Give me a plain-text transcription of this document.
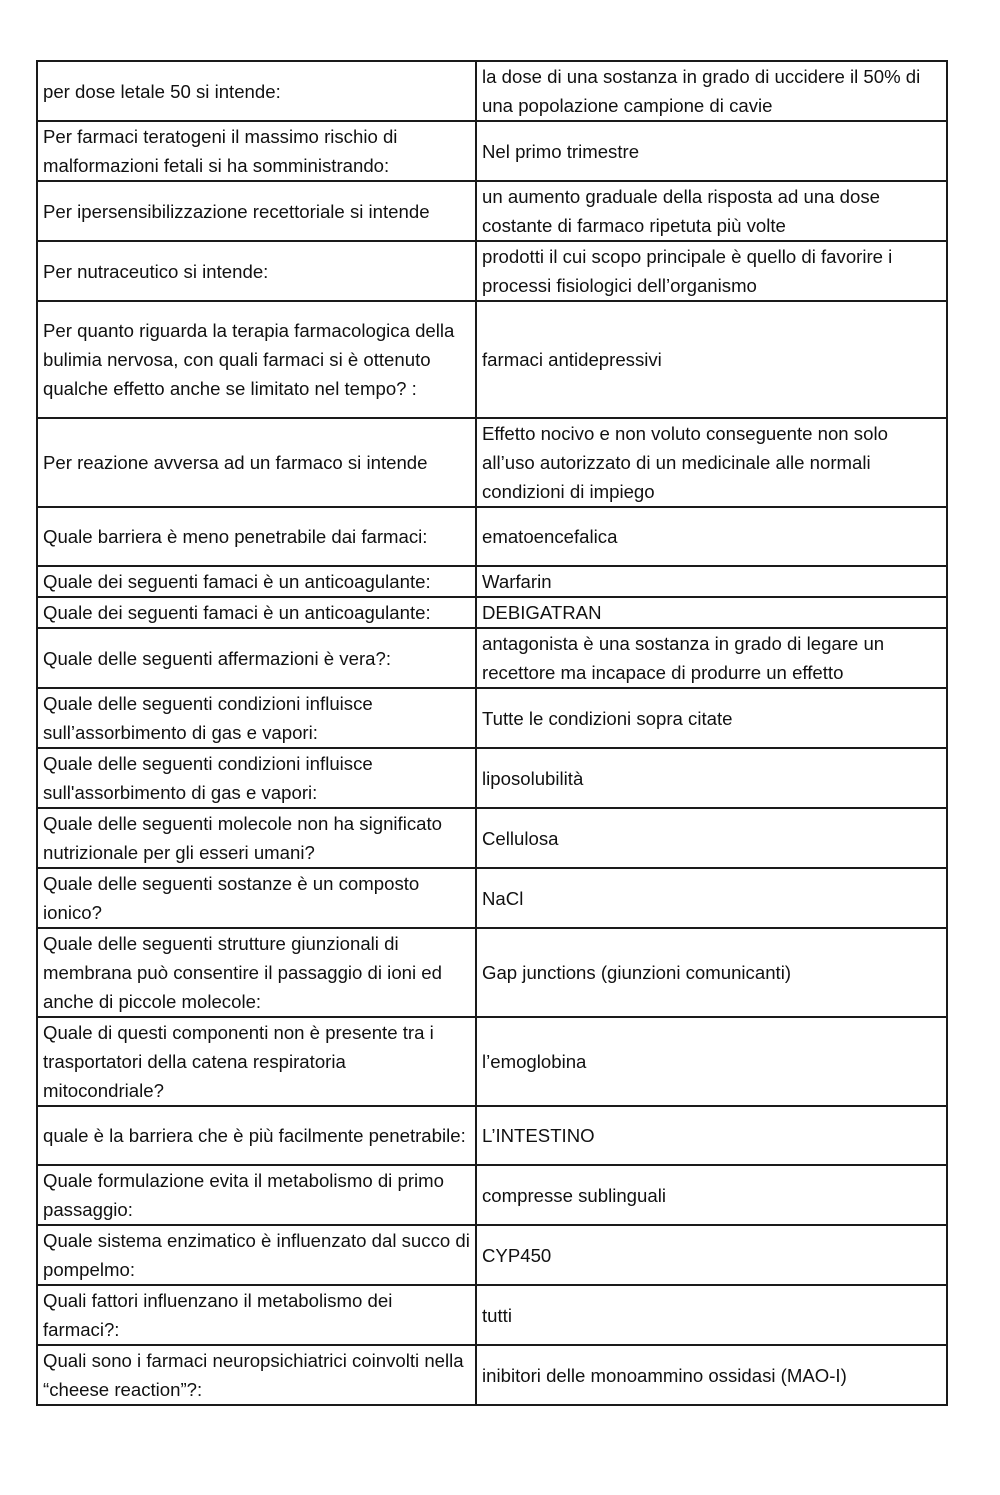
per dose letale 50 si intende:	la dose di una sostanza in grado di uccidere il 50% di una popolazione campione di cavie
Per farmaci teratogeni il massimo rischio di malformazioni fetali si ha somministrando:	Nel primo trimestre
Per ipersensibilizzazione recettoriale si intende	un aumento graduale della risposta ad una dose costante di farmaco ripetuta più volte
Per nutraceutico si intende:	prodotti il cui scopo principale è quello di favorire i processi fisiologici dell’organismo
Per quanto riguarda la terapia farmacologica della bulimia nervosa, con quali farmaci si è ottenuto qualche effetto anche se limitato nel tempo? :	farmaci antidepressivi
Per reazione avversa ad un farmaco si intende	Effetto nocivo e non voluto conseguente non solo all’uso autorizzato di un medicinale alle normali condizioni di impiego
Quale barriera è meno penetrabile dai farmaci:	ematoencefalica
Quale dei seguenti famaci è un anticoagulante:	Warfarin
Quale dei seguenti famaci è un anticoagulante:	DEBIGATRAN
Quale delle seguenti affermazioni è vera?:	antagonista è una sostanza in grado di legare un recettore ma incapace di produrre un effetto
Quale delle seguenti condizioni influisce sull’assorbimento di gas e vapori:	Tutte le condizioni sopra citate
Quale delle seguenti condizioni influisce sull'assorbimento di gas e vapori:	liposolubilità
Quale delle seguenti molecole non ha significato nutrizionale per gli esseri umani?	Cellulosa
Quale delle seguenti sostanze è un composto ionico?	NaCl
Quale delle seguenti strutture giunzionali di membrana può consentire il passaggio di ioni ed anche di piccole molecole:	Gap junctions (giunzioni comunicanti)
Quale di questi componenti non è presente tra i trasportatori della catena respiratoria mitocondriale?	l’emoglobina
quale è la barriera che è più facilmente penetrabile:	L’INTESTINO
Quale formulazione evita il metabolismo di primo passaggio:	compresse sublinguali
Quale sistema enzimatico è influenzato dal succo di pompelmo:	CYP450
Quali fattori influenzano il metabolismo dei farmaci?:	tutti
Quali sono i farmaci neuropsichiatrici coinvolti nella “cheese reaction”?:	inibitori delle monoammino ossidasi (MAO-I)
